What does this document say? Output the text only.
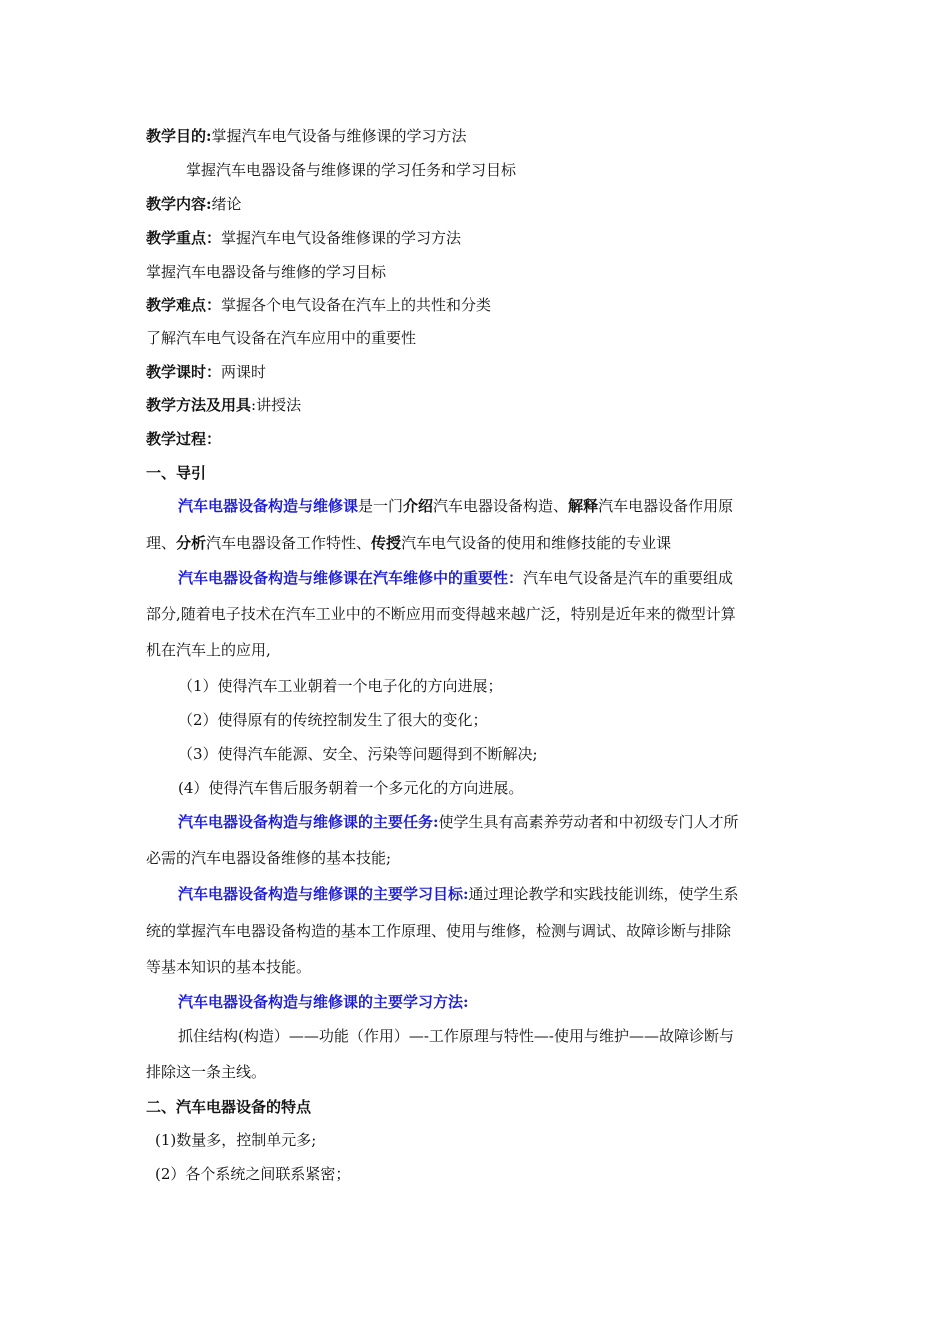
教学目的:掌握汽车电气设备与维修课的学习方法
掌握汽车电器设备与维修课的学习任务和学习目标
教学内容:绪论
教学重点：掌握汽车电气设备维修课的学习方法
掌握汽车电器设备与维修的学习目标
教学难点：掌握各个电气设备在汽车上的共性和分类
了解汽车电气设备在汽车应用中的重要性
教学课时：两课时
教学方法及用具:讲授法
教学过程：
一、导引
汽车电器设备构造与维修课是一门介绍汽车电器设备构造、解释汽车电器设备作用原
理、分析汽车电器设备工作特性、传授汽车电气设备的使用和维修技能的专业课
汽车电器设备构造与维修课在汽车维修中的重要性：汽车电气设备是汽车的重要组成
部分,随着电子技术在汽车工业中的不断应用而变得越来越广泛，特别是近年来的微型计算
机在汽车上的应用,
（1）使得汽车工业朝着一个电子化的方向进展；
（2）使得原有的传统控制发生了很大的变化；
（3）使得汽车能源、安全、污染等问题得到不断解决;
(4）使得汽车售后服务朝着一个多元化的方向进展。
汽车电器设备构造与维修课的主要任务:使学生具有高素养劳动者和中初级专门人才所
必需的汽车电器设备维修的基本技能;
汽车电器设备构造与维修课的主要学习目标:通过理论教学和实践技能训练，使学生系
统的掌握汽车电器设备构造的基本工作原理、使用与维修，检测与调试、故障诊断与排除
等基本知识的基本技能。
汽车电器设备构造与维修课的主要学习方法:
抓住结构(构造）——功能（作用）—-工作原理与特性—-使用与维护——故障诊断与
排除这一条主线。
二、汽车电器设备的特点
(1)数量多，控制单元多;
(2）各个系统之间联系紧密；
